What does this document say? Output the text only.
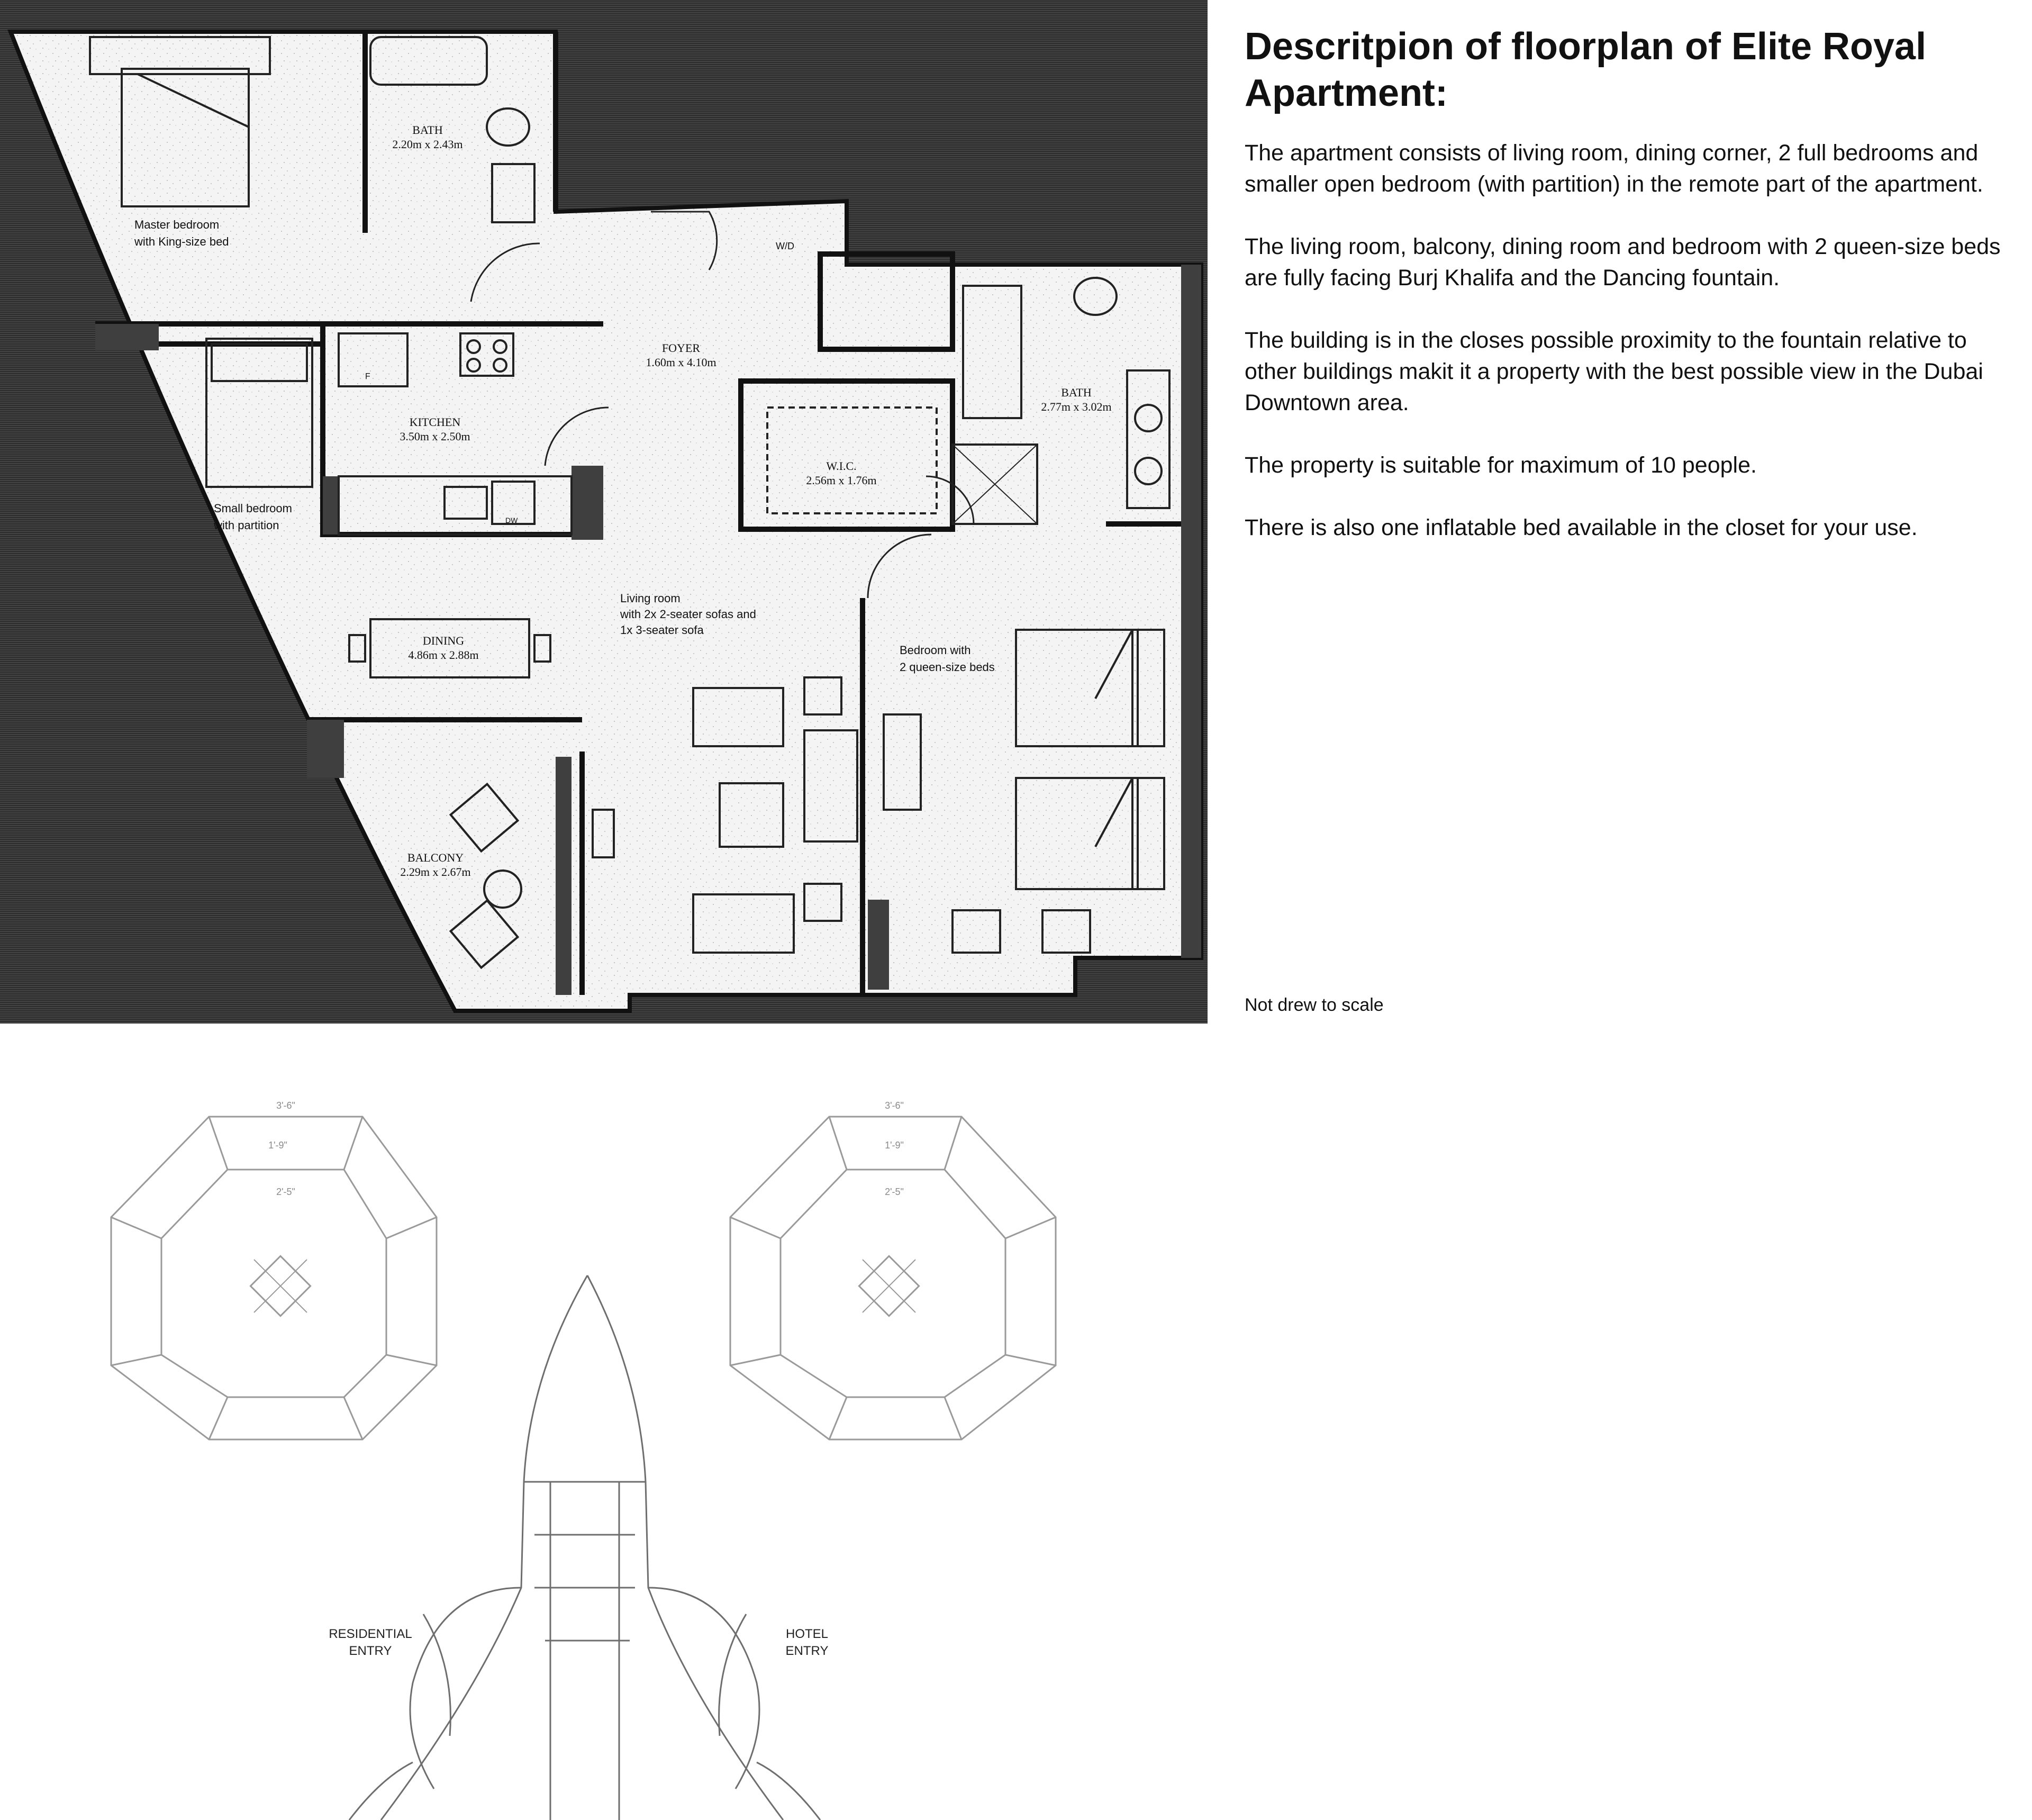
BATH
2.20m x 2.43m
FOYER
1.60m x 4.10m
KITCHEN
3.50m x 2.50m
BATH
2.77m x 3.02m
W.I.C.
2.56m x 1.76m
DINING
4.86m x 2.88m
BALCONY
2.29m x 2.67m
Master bedroom
with King-size bed
Small bedroom
with partition
Living room
with 2x 2-seater sofas and
1x 3-seater sofa
Bedroom with
2 queen-size beds
W/D
F
DW
RESIDENTIAL
ENTRY
HOTEL
ENTRY
3'-6"
1'-9"
2'-5"
3'-6"
1'-9"
2'-5"
Descritpion of floorplan of Elite Royal Apartment:

The apartment consists of living room, dining corner, 2 full bedrooms and smaller open bedroom (with partition) in the remote part of the apartment.

The living room, balcony, dining room and bedroom with 2 queen-size beds are fully facing Burj Khalifa and the Dancing fountain.

The building is in the closes possible proximity to the fountain relative to other buildings makit it a property with the best possible view in the Dubai Downtown area.

The property is suitable for maximum of 10 people.

There is also one inflatable bed available in the closet for your use.

Not drew to scale
